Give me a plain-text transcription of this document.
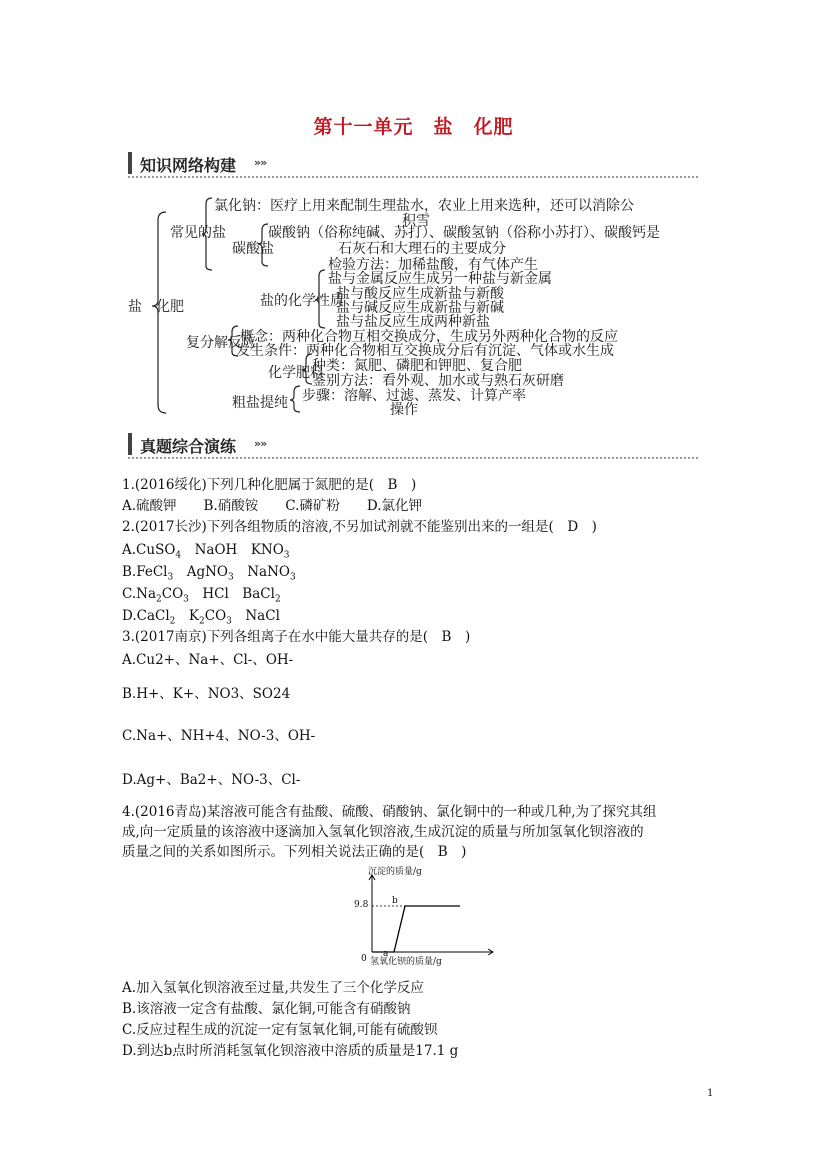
第十一单元　盐　化肥
知识网络构建 »»
盐　化肥
常见的盐
氯化钠：医疗上用来配制生理盐水，农业上用来选种，还可以消除公
积雪
碳酸盐
碳酸钠（俗称纯碱、苏打）、碳酸氢钠（俗称小苏打）、碳酸钙是
石灰石和大理石的主要成分
检验方法：加稀盐酸，有气体产生
盐的化学性质
盐与金属反应生成另一种盐与新金属
盐与酸反应生成新盐与新酸
盐与碱反应生成新盐与新碱
盐与盐反应生成两种新盐
复分解反应
概念：两种化合物互相交换成分，生成另外两种化合物的反应
发生条件：两种化合物相互交换成分后有沉淀、气体或水生成
化学肥料
种类：氮肥、磷肥和钾肥、复合肥
鉴别方法：看外观、加水或与熟石灰研磨
粗盐提纯 步骤：溶解、过滤、蒸发、计算产率
操作
真题综合演练 »»
1.(2016绥化)下列几种化肥属于氮肥的是(　B　)
A.硫酸钾　　B.硝酸铵　　C.磷矿粉　　D.氯化钾
2.(2017长沙)下列各组物质的溶液,不另加试剂就不能鉴别出来的一组是(　D　)
A.CuSO$_4$　NaOH　$KNO_3$
B.FeCl$_3$　AgNO$_3$　NaNO$_3$
$C.Na_2CO_3$　HCl　BaCl$_2$
D.CaCl$_2$　$K_2CO_3$　NaCl
3.(2017南京)下列各组离子在水中能大量共存的是(　B　)
A.Cu2+、Na+、Cl-、OH-
B.H+、K+、NO3、SO24
C.Na+、NH+4、NO-3、OH-
D.Ag+、Ba2+、NO-3、Cl-
4.(2016青岛)某溶液可能含有盐酸、硫酸、硝酸钠、氯化铜中的一种或几种,为了探究其组
成,向一定质量的该溶液中逐滴加入氢氧化钡溶液,生成沉淀的质量与所加氢氧化钡溶液的
质量之间的关系如图所示。下列相关说法正确的是(　B　)
沉淀的质量/g
氢氧化钡的质量/g
0
9.8
a
b
A.加入氢氧化钡溶液至过量,共发生了三个化学反应
B.该溶液一定含有盐酸、氯化铜,可能含有硝酸钠
C.反应过程生成的沉淀一定有氢氧化铜,可能有硫酸钡
D.到达b点时所消耗氢氧化钡溶液中溶质的质量是17.1 g
1
